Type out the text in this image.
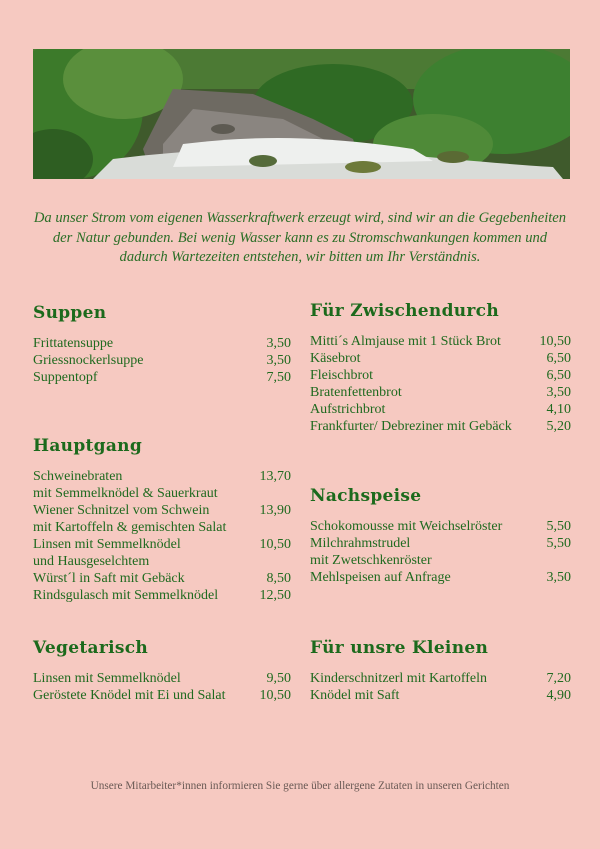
Da unser Strom vom eigenen Wasserkraftwerk erzeugt wird, sind wir an die Gegebenheiten der Natur gebunden. Bei wenig Wasser kann es zu Stromschwankungen kommen und dadurch Wartezeiten entstehen, wir bitten um Ihr Verständnis.

Suppen
Frittatensuppe	3,50
Griessnockerlsuppe	3,50
Suppentopf	7,50
Für Zwischendurch
Mitti´s Almjause mit 1 Stück Brot	10,50
Käsebrot	6,50
Fleischbrot	6,50
Bratenfettenbrot	3,50
Aufstrichbrot	4,10
Frankfurter/ Debreziner mit Gebäck	5,20
Hauptgang
Schweinebraten	13,70
mit Semmelknödel & Sauerkraut
Wiener Schnitzel vom Schwein	13,90
mit Kartoffeln & gemischten Salat
Linsen mit Semmelknödel	10,50
und Hausgeselchtem
Würst´l in Saft mit Gebäck	8,50
Rindsgulasch mit Semmelknödel	12,50
Nachspeise
Schokomousse mit Weichselröster	5,50
Milchrahmstrudel	5,50
mit Zwetschkenröster
Mehlspeisen auf Anfrage	3,50
Vegetarisch
Linsen mit Semmelknödel	9,50
Geröstete Knödel mit Ei und Salat	10,50
Für unsre Kleinen
Kinderschnitzerl mit Kartoffeln	7,20
Knödel mit Saft	4,90
Unsere Mitarbeiter*innen informieren Sie gerne über allergene Zutaten in unseren Gerichten
